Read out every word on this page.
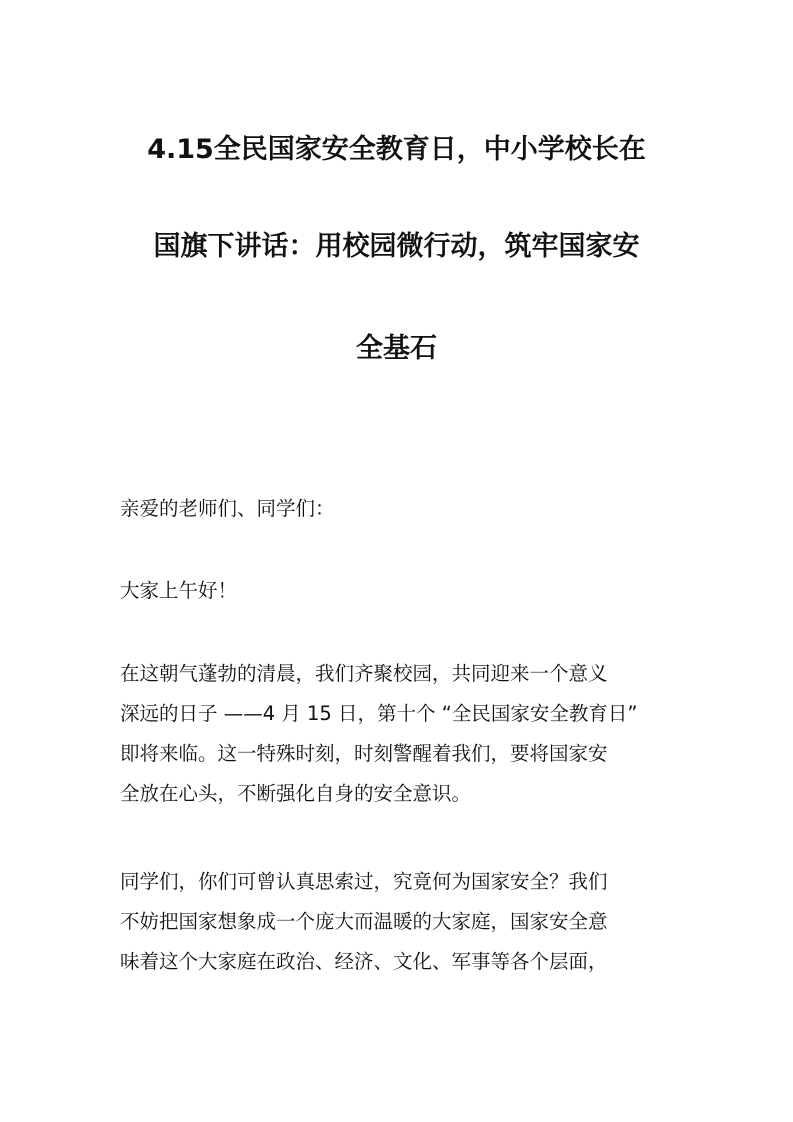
4.15全民国家安全教育日，中小学校长在
国旗下讲话：用校园微行动，筑牢国家安
全基石
亲爱的老师们、同学们：
大家上午好！
在这朝气蓬勃的清晨，我们齐聚校园，共同迎来一个意义
深远的日子 ——4 月 15 日，第十个 “全民国家安全教育日”
即将来临。这一特殊时刻，时刻警醒着我们，要将国家安
全放在心头，不断强化自身的安全意识。
同学们，你们可曾认真思索过，究竟何为国家安全？我们
不妨把国家想象成一个庞大而温暖的大家庭，国家安全意
味着这个大家庭在政治、经济、文化、军事等各个层面，
